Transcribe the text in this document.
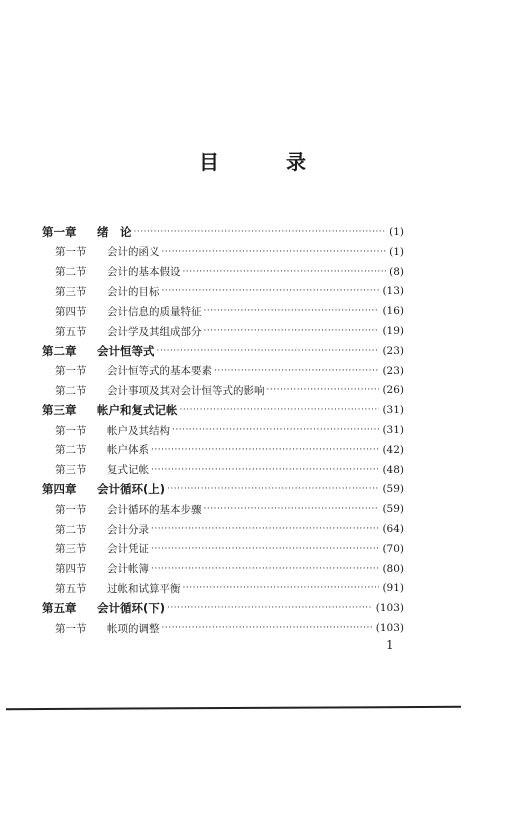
目 录
第一章	绪　论 ·····	(1)
第一节	会计的函义 ·····	(1)
第二节	会计的基本假设 ·····	(8)
第三节	会计的目标 ·····	(13)
第四节	会计信息的质量特征 ·····	(16)
第五节	会计学及其组成部分 ·····	(19)
第二章	会计恒等式 ·····	(23)
第一节	会计恒等式的基本要素 ·····	(23)
第二节	会计事项及其对会计恒等式的影响 ·····	(26)
第三章	帐户和复式记帐 ·····	(31)
第一节	帐户及其结构 ·····	(31)
第二节	帐户体系 ·····	(42)
第三节	复式记帐 ·····	(48)
第四章	会计循环(上) ·····	(59)
第一节	会计循环的基本步骤 ·····	(59)
第二节	会计分录 ·····	(64)
第三节	会计凭证 ·····	(70)
第四节	会计帐簿 ·····	(80)
第五节	过帐和试算平衡 ·····	(91)
第五章	会计循环(下) ·····	(103)
第一节	帐项的调整 ·····	(103)
1
